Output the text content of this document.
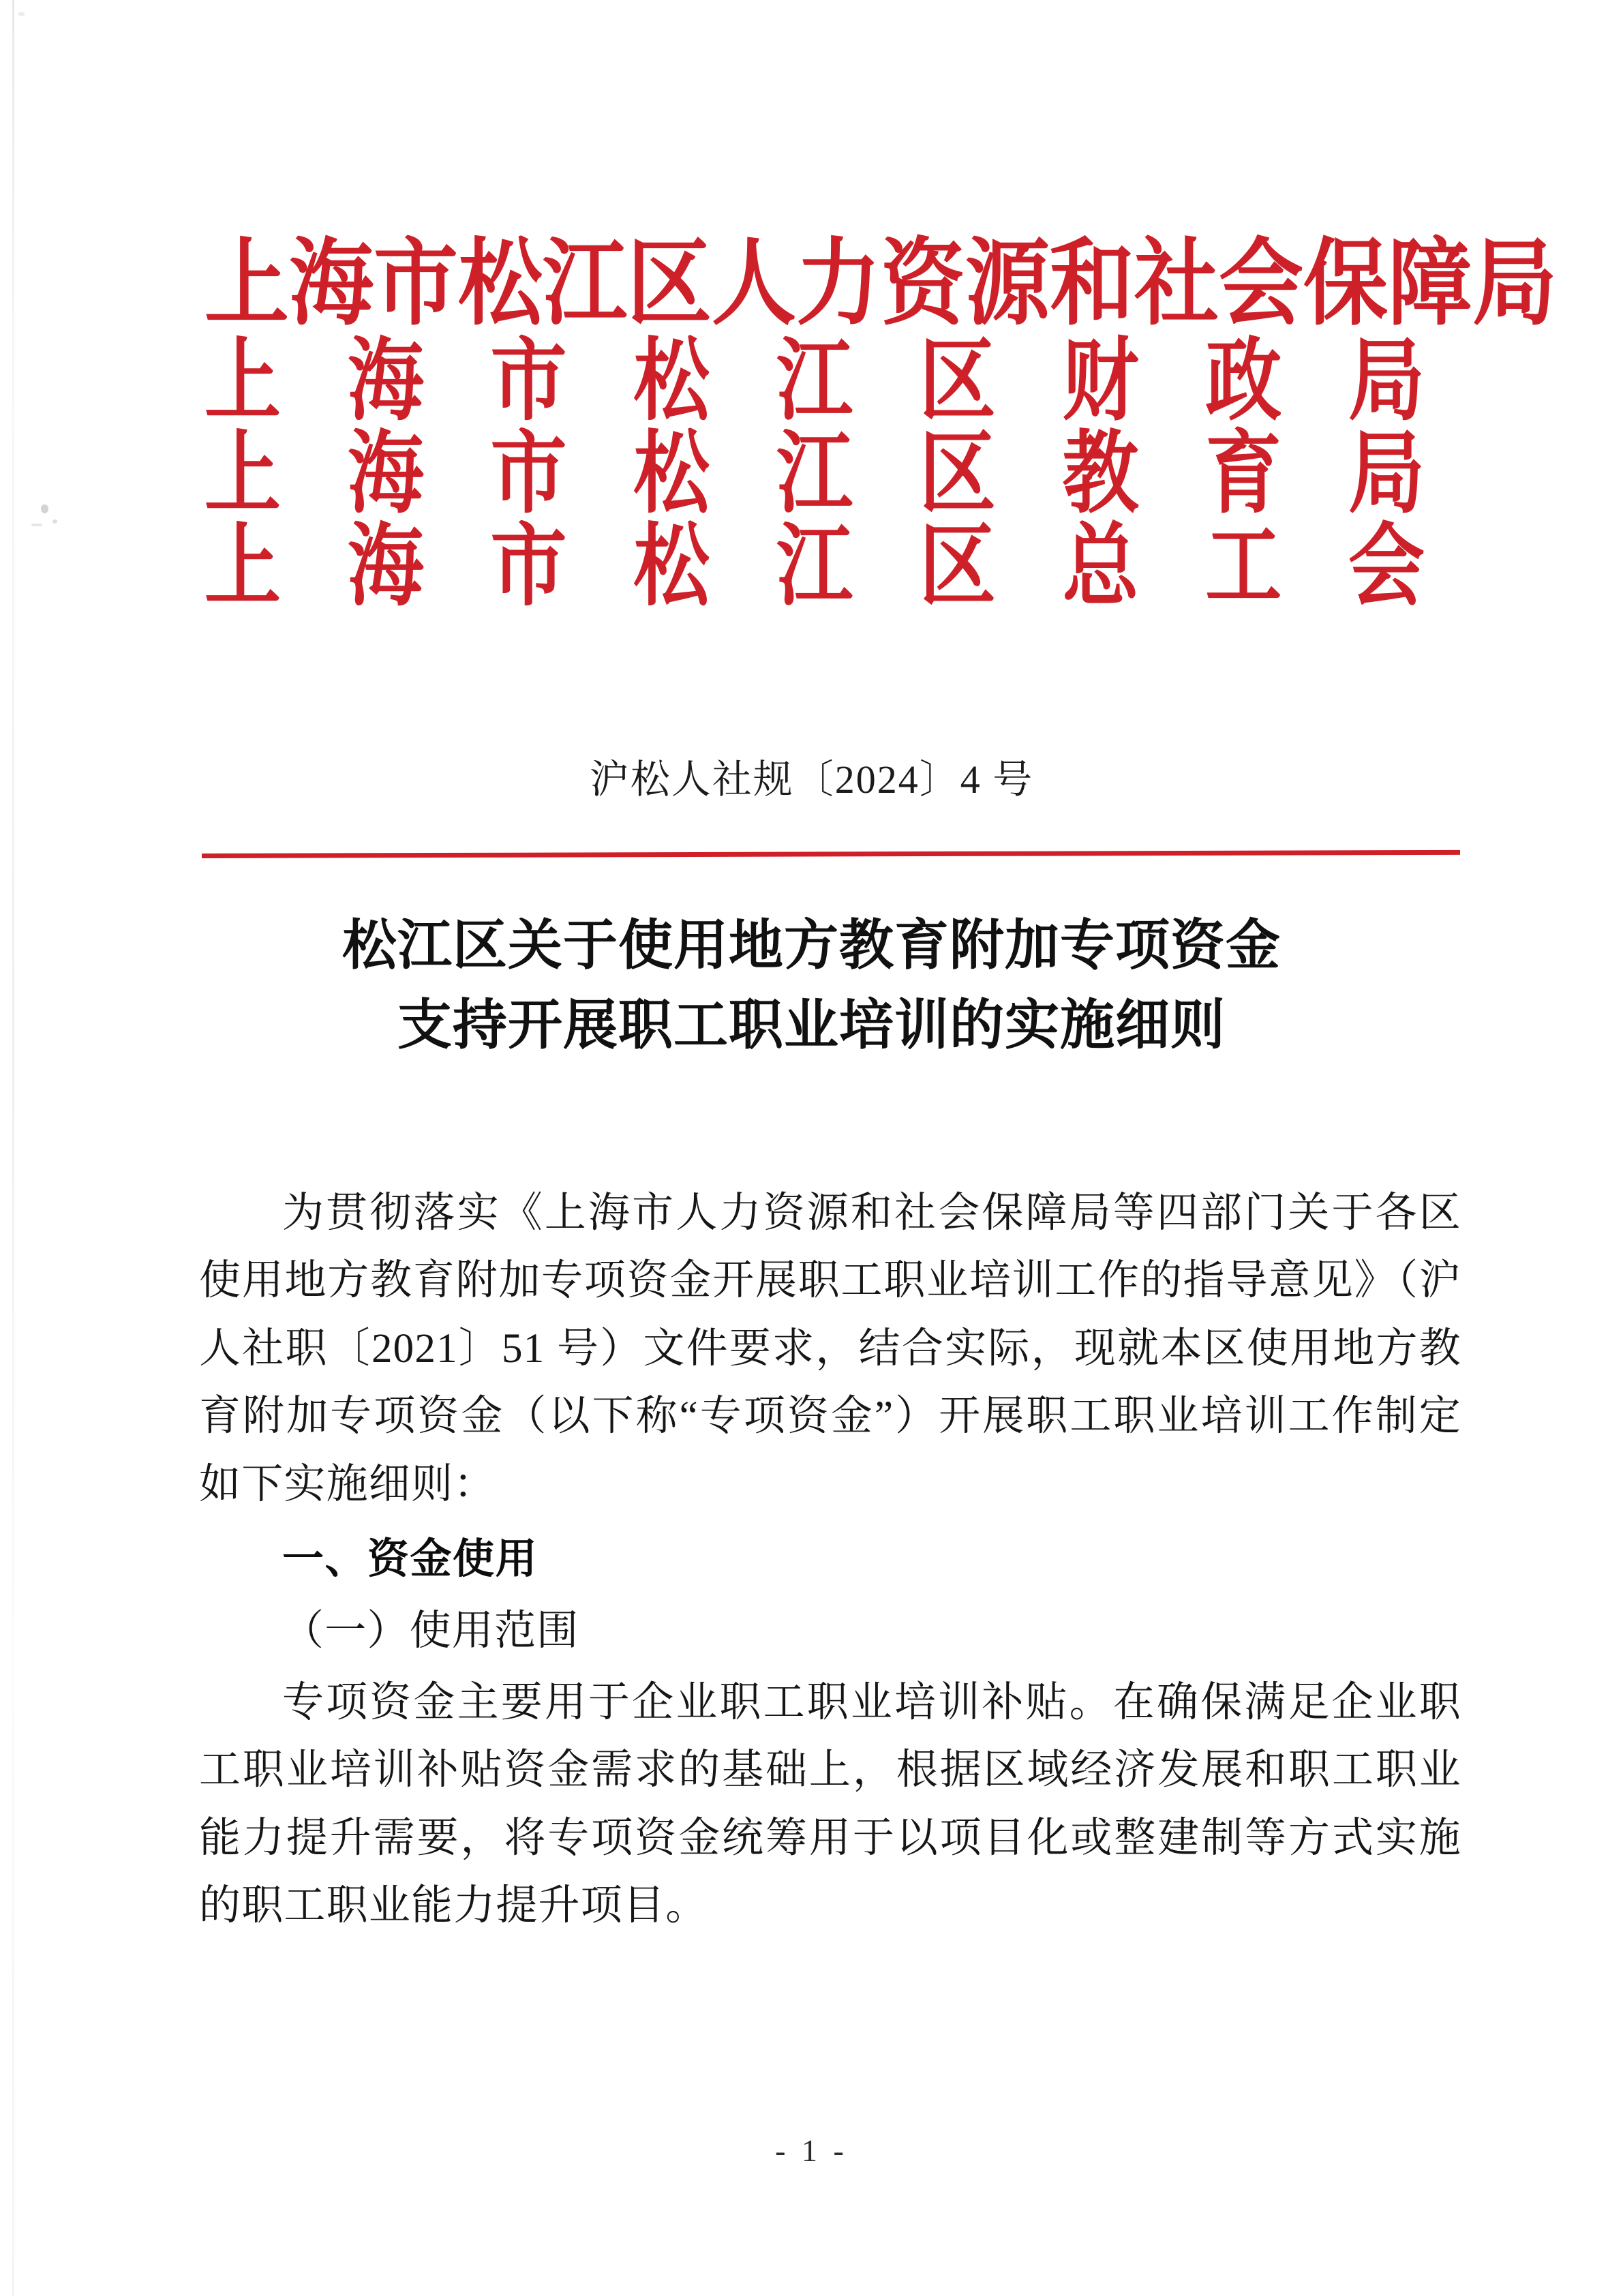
上海市松江区人力资源和社会保障局
上海市松江区财政局
上海市松江区教育局
上海市松江区总工会
沪松人社规〔2024〕4 号
松江区关于使用地方教育附加专项资金
支持开展职工职业培训的实施细则

为贯彻落实《上海市人力资源和社会保障局等四部门关于各区使用地方教育附加专项资金开展职工职业培训工作的指导意见》（沪人社职〔2021〕51 号）文件要求，结合实际，现就本区使用地方教育附加专项资金（以下称“专项资金”）开展职工职业培训工作制定如下实施细则：

一、资金使用

（一）使用范围

专项资金主要用于企业职工职业培训补贴。在确保满足企业职工职业培训补贴资金需求的基础上，根据区域经济发展和职工职业能力提升需要，将专项资金统筹用于以项目化或整建制等方式实施的职工职业能力提升项目。

- 1 -
